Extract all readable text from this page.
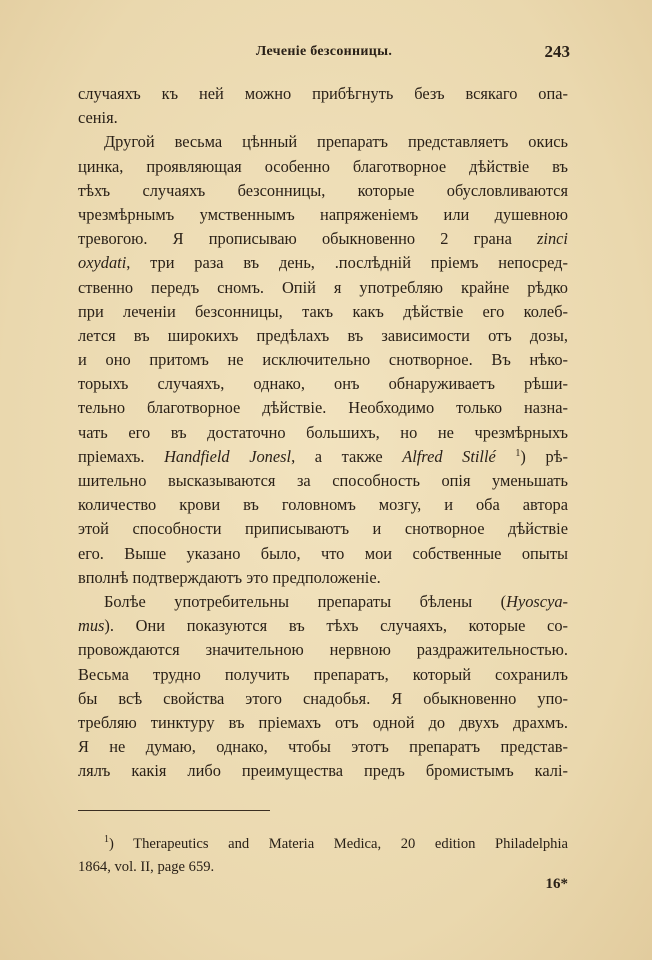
Леченіе безсонницы.	243
случаяхъ къ ней можно прибѣгнуть безъ всякаго опа-
сенія.
Другой весьма цѣнный препаратъ представляетъ окись
цинка, проявляющая особенно благотворное дѣйствіе въ
тѣхъ случаяхъ безсонницы, которые обусловливаются
чрезмѣрнымъ умственнымъ напряженіемъ или душевною
тревогою. Я прописываю обыкновенно 2 грана zinci
oxydati, три раза въ день, .послѣдній пріемъ непосред-
ственно передъ сномъ. Опій я употребляю крайне рѣдко
при леченіи безсонницы, такъ какъ дѣйствіе его колеб-
лется въ широкихъ предѣлахъ въ зависимости отъ дозы,
и оно притомъ не исключительно снотворное. Въ нѣко-
торыхъ случаяхъ, однако, онъ обнаруживаетъ рѣши-
тельно благотворное дѣйствіе. Необходимо только назна-
чать его въ достаточно большихъ, но не чрезмѣрныхъ
пріемахъ. Handfield Jonesl, а также Alfred Stillé $^1$) рѣ-
шительно высказываются за способность опія уменьшать
количество крови въ головномъ мозгу, и оба автора
этой способности приписываютъ и снотворное дѣйствіе
его. Выше указано было, что мои собственные опыты
вполнѣ подтверждаютъ это предположеніе.
Болѣе употребительны препараты бѣлены (Hyoscya-
mus). Они показуются въ тѣхъ случаяхъ, которые со-
провождаются значительною нервною раздражительностью.
Весьма трудно получить препаратъ, который сохранилъ
бы всѣ свойства этого снадобья. Я обыкновенно упо-
требляю тинктуру въ пріемахъ отъ одной до двухъ драхмъ.
Я не думаю, однако, чтобы этотъ препаратъ представ-
лялъ какія либо преимущества предъ бромистымъ калі-
$^1$) Therapeutics and Materia Medica, 20 edition Philadelphia
1864, vol. II, page 659.
16*
